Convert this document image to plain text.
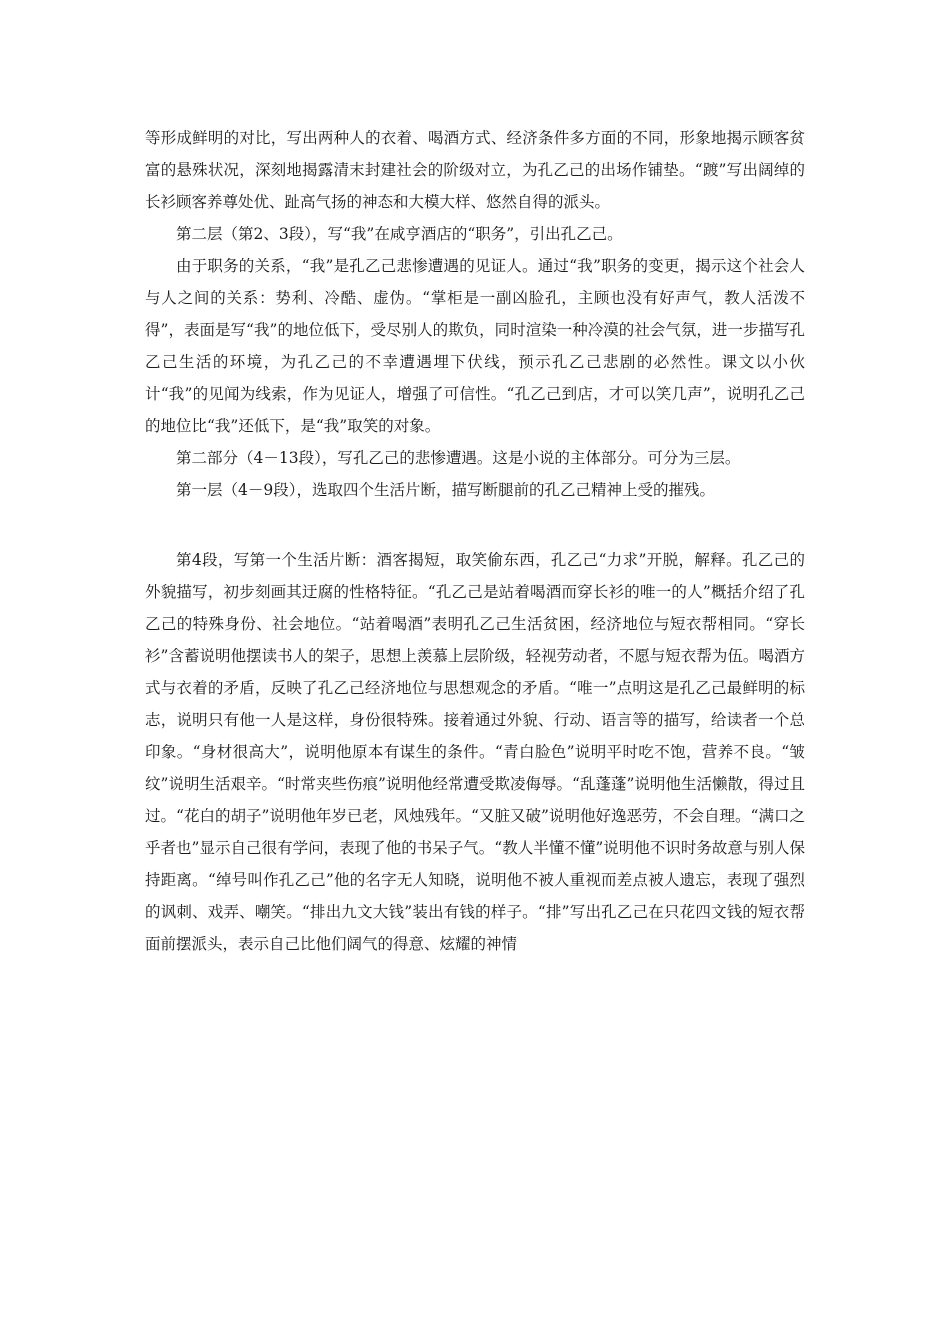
等形成鲜明的对比，写出两种人的衣着、喝酒方式、经济条件多方面的不同，形象地揭示顾客贫富的悬殊状况，深刻地揭露清末封建社会的阶级对立，为孔乙己的出场作铺垫。“踱”写出阔绰的长衫顾客养尊处优、趾高气扬的神态和大模大样、悠然自得的派头。

第二层（第2、3段），写“我”在咸亨酒店的“职务”，引出孔乙己。

由于职务的关系，“我”是孔乙己悲惨遭遇的见证人。通过“我”职务的变更，揭示这个社会人与人之间的关系：势利、冷酷、虚伪。“掌柜是一副凶脸孔，主顾也没有好声气，教人活泼不得”，表面是写“我”的地位低下，受尽别人的欺负，同时渲染一种冷漠的社会气氛，进一步描写孔乙己生活的环境，为孔乙己的不幸遭遇埋下伏线，预示孔乙己悲剧的必然性。课文以小伙计“我”的见闻为线索，作为见证人，增强了可信性。“孔乙己到店，才可以笑几声”，说明孔乙己的地位比“我”还低下，是“我”取笑的对象。

第二部分（4－13段），写孔乙己的悲惨遭遇。这是小说的主体部分。可分为三层。

第一层（4－9段），选取四个生活片断，描写断腿前的孔乙己精神上受的摧残。

第4段，写第一个生活片断：酒客揭短，取笑偷东西，孔乙己“力求”开脱，解释。孔乙己的外貌描写，初步刻画其迂腐的性格特征。“孔乙己是站着喝酒而穿长衫的唯一的人”概括介绍了孔乙己的特殊身份、社会地位。“站着喝酒”表明孔乙己生活贫困，经济地位与短衣帮相同。“穿长衫”含蓄说明他摆读书人的架子，思想上羡慕上层阶级，轻视劳动者，不愿与短衣帮为伍。喝酒方式与衣着的矛盾，反映了孔乙己经济地位与思想观念的矛盾。“唯一”点明这是孔乙己最鲜明的标志，说明只有他一人是这样，身份很特殊。接着通过外貌、行动、语言等的描写，给读者一个总印象。“身材很高大”，说明他原本有谋生的条件。“青白脸色”说明平时吃不饱，营养不良。“皱纹”说明生活艰辛。“时常夹些伤痕”说明他经常遭受欺凌侮辱。“乱蓬蓬”说明他生活懒散，得过且过。“花白的胡子”说明他年岁已老，风烛残年。“又脏又破”说明他好逸恶劳，不会自理。“满口之乎者也”显示自己很有学问，表现了他的书呆子气。“教人半懂不懂”说明他不识时务故意与别人保持距离。“绰号叫作孔乙己”他的名字无人知晓，说明他不被人重视而差点被人遗忘，表现了强烈的讽刺、戏弄、嘲笑。“排出九文大钱”装出有钱的样子。“排”写出孔乙己在只花四文钱的短衣帮面前摆派头，表示自己比他们阔气的得意、炫耀的神情
